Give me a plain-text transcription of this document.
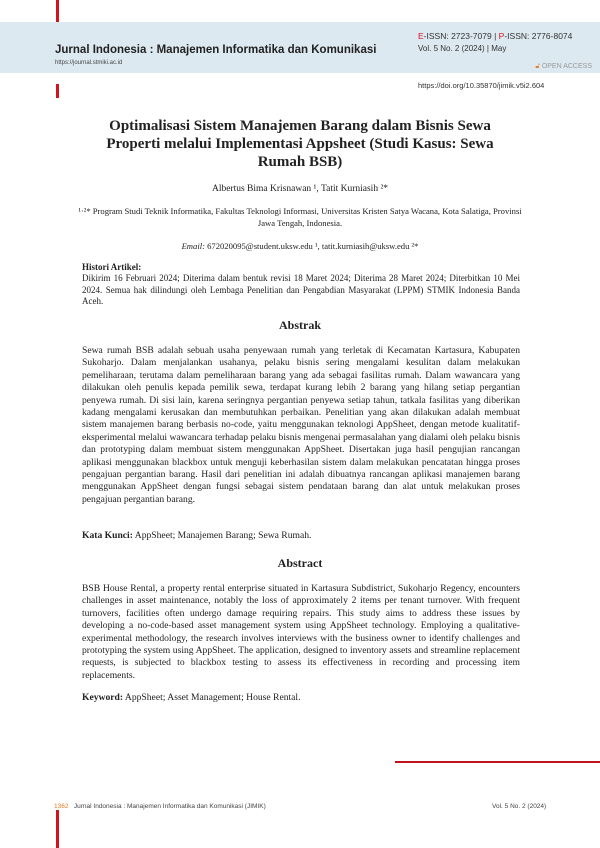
Jurnal Indonesia : Manajemen Informatika dan Komunikasi
https://journal.stmiki.ac.id
E-ISSN: 2723-7079 | P-ISSN: 2776-8074
Vol. 5 No. 2 (2024) | May
🔓︎ OPEN ACCESS
https://doi.org/10.35870/jimik.v5i2.604
Optimalisasi Sistem Manajemen Barang dalam Bisnis Sewa Properti melalui Implementasi Appsheet (Studi Kasus: Sewa Rumah BSB)
Albertus Bima Krisnawan ¹, Tatit Kurniasih ²*
¹·²* Program Studi Teknik Informatika, Fakultas Teknologi Informasi, Universitas Kristen Satya Wacana, Kota Salatiga, Provinsi Jawa Tengah, Indonesia.
Email: 672020095@student.uksw.edu ¹, tatit.kurniasih@uksw.edu ²*
Histori Artikel:
Dikirim 16 Februari 2024; Diterima dalam bentuk revisi 18 Maret 2024; Diterima 28 Maret 2024; Diterbitkan 10 Mei 2024. Semua hak dilindungi oleh Lembaga Penelitian dan Pengabdian Masyarakat (LPPM) STMIK Indonesia Banda Aceh.
Abstrak
Sewa rumah BSB adalah sebuah usaha penyewaan rumah yang terletak di Kecamatan Kartasura, Kabupaten Sukoharjo. Dalam menjalankan usahanya, pelaku bisnis sering mengalami kesulitan dalam melakukan pemeliharaan, terutama dalam pemeliharaan barang yang ada sebagai fasilitas rumah. Dalam wawancara yang dilakukan oleh penulis kepada pemilik sewa, terdapat kurang lebih 2 barang yang hilang setiap pergantian penyewa rumah. Di sisi lain, karena seringnya pergantian penyewa setiap tahun, tatkala fasilitas yang diberikan kadang mengalami kerusakan dan membutuhkan perbaikan. Penelitian yang akan dilakukan adalah membuat sistem manajemen barang berbasis no-code, yaitu menggunakan teknologi AppSheet, dengan metode kualitatif-eksperimental melalui wawancara terhadap pelaku bisnis mengenai permasalahan yang dialami oleh pelaku bisnis dan prototyping dalam membuat sistem menggunakan AppSheet. Disertakan juga hasil pengujian rancangan aplikasi menggunakan blackbox untuk menguji keberhasilan sistem dalam melakukan pencatatan hingga proses pengajuan pergantian barang. Hasil dari penelitian ini adalah dibuatnya rancangan aplikasi manajemen barang menggunakan AppSheet dengan fungsi sebagai sistem pendataan barang dan alat untuk melakukan proses pengajuan pergantian barang.
Kata Kunci: AppSheet; Manajemen Barang; Sewa Rumah.
Abstract
BSB House Rental, a property rental enterprise situated in Kartasura Subdistrict, Sukoharjo Regency, encounters challenges in asset maintenance, notably the loss of approximately 2 items per tenant turnover. With frequent turnovers, facilities often undergo damage requiring repairs. This study aims to address these issues by developing a no-code-based asset management system using AppSheet technology. Employing a qualitative-experimental methodology, the research involves interviews with the business owner to identify challenges and prototyping the system using AppSheet. The application, designed to inventory assets and streamline replacement requests, is subjected to blackbox testing to assess its effectiveness in recording and processing item replacements.
Keyword: AppSheet; Asset Management; House Rental.
1362 Jurnal Indonesia : Manajemen Informatika dan Komunikasi (JIMIK)	Vol. 5 No. 2 (2024)
